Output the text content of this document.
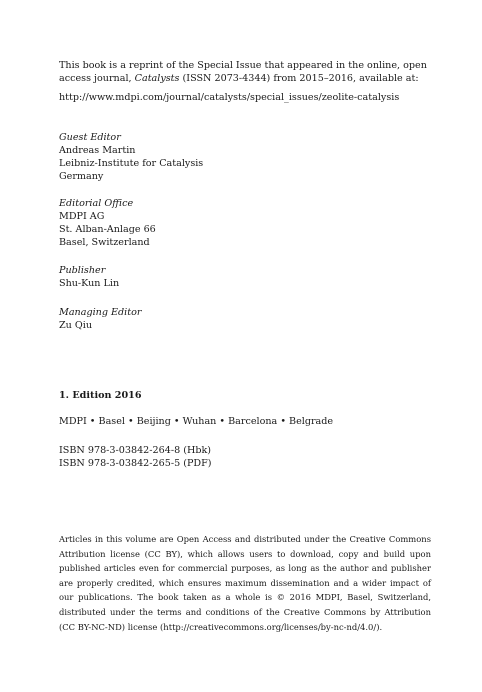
This book is a reprint of the Special Issue that appeared in the online, open access journal, Catalysts (ISSN 2073-4344) from 2015–2016, available at:

http://www.mdpi.com/journal/catalysts/special_issues/zeolite-catalysis

Guest Editor
Andreas Martin
Leibniz-Institute for Catalysis
Germany
Editorial Office
MDPI AG
St. Alban-Anlage 66
Basel, Switzerland
Publisher
Shu-Kun Lin
Managing Editor
Zu Qiu
1. Edition 2016
MDPI • Basel • Beijing • Wuhan • Barcelona • Belgrade
ISBN 978-3-03842-264-8 (Hbk)
ISBN 978-3-03842-265-5 (PDF)
Articles in this volume are Open Access and distributed under the Creative Commons Attribution license (CC BY), which allows users to download, copy and build upon published articles even for commercial purposes, as long as the author and publisher are properly credited, which ensures maximum dissemination and a wider impact of our publications. The book taken as a whole is © 2016 MDPI, Basel, Switzerland, distributed under the terms and conditions of the Creative Commons by Attribution (CC BY-NC-ND) license (http://creativecommons.org/licenses/by-nc-nd/4.0/).
